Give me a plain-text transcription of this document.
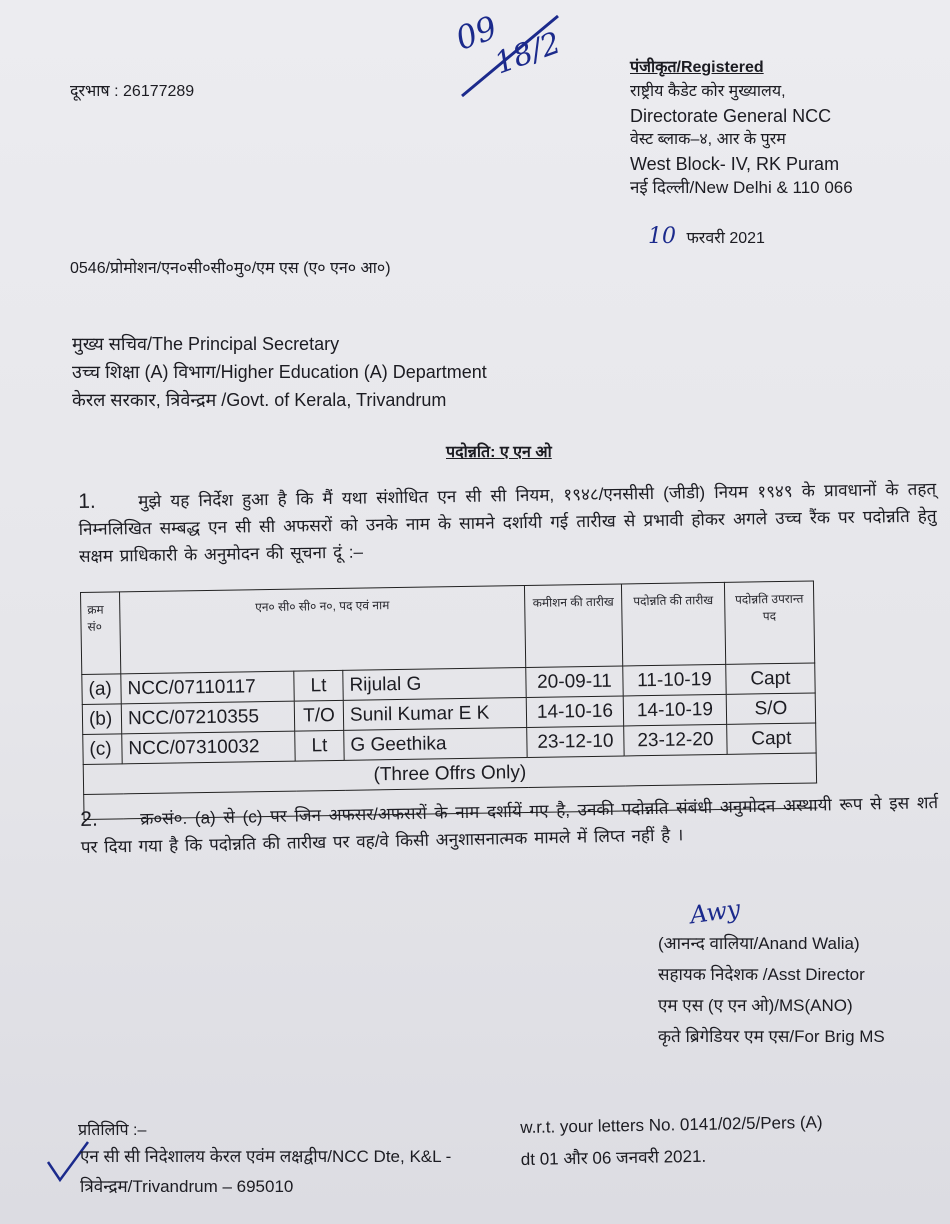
09
18/2
दूरभाष : 26177289
पंजीकृत/Registered
राष्ट्रीय कैडेट कोर मुख्यालय,
Directorate General NCC
वेस्ट ब्लाक–४, आर के पुरम
West Block- IV, RK Puram
नई दिल्ली/New Delhi & 110 066
10 फरवरी 2021
0546/प्रोमोशन/एन०सी०सी०मु०/एम एस (ए० एन० आ०)
मुख्य सचिव/The Principal Secretary
उच्च शिक्षा (A) विभाग/Higher Education (A) Department
केरल सरकार, त्रिवेन्द्रम /Govt. of Kerala, Trivandrum
पदोन्नति: ए एन ओ
1. मुझे यह निर्देश हुआ है कि मैं यथा संशोधित एन सी सी नियम, १९४८/एनसीसी (जीडी) नियम १९४९ के प्रावधानों के तहत् निम्नलिखित सम्बद्ध एन सी सी अफसरों को उनके नाम के सामने दर्शायी गई तारीख से प्रभावी होकर अगले उच्च रैंक पर पदोन्नति हेतु सक्षम प्राधिकारी के अनुमोदन की सूचना दूं :–
क्रम सं०	एन० सी० सी० न०, पद एवं नाम			कमीशन की तारीख	पदोन्नति की तारीख	पदोन्नति उपरान्त पद
(a)	NCC/07110117	Lt	Rijulal G	20-09-11	11-10-19	Capt
(b)	NCC/07210355	T/O	Sunil Kumar E K	14-10-16	14-10-19	S/O
(c)	NCC/07310032	Lt	G Geethika	23-12-10	23-12-20	Capt
(Three Offrs Only)						

2. क्र०सं०. (a) से (c) पर जिन अफसर/अफसरों के नाम दर्शायें गए है, उनकी पदोन्नति संबंधी अनुमोदन अस्थायी रूप से इस शर्त पर दिया गया है कि पदोन्नति की तारीख पर वह/वे किसी अनुशासनात्मक मामले में लिप्त नहीं है ।
Awy
(आनन्द वालिया/Anand Walia)
सहायक निदेशक /Asst Director
एम एस (ए एन ओ)/MS(ANO)
कृते ब्रिगेडियर एम एस/For Brig MS
प्रतिलिपि :–
एन सी सी निदेशालय केरल एवंम लक्षद्वीप/NCC Dte, K&L -
त्रिवेन्द्रम/Trivandrum – 695010
w.r.t. your letters No. 0141/02/5/Pers (A)
dt 01 और 06 जनवरी 2021.
